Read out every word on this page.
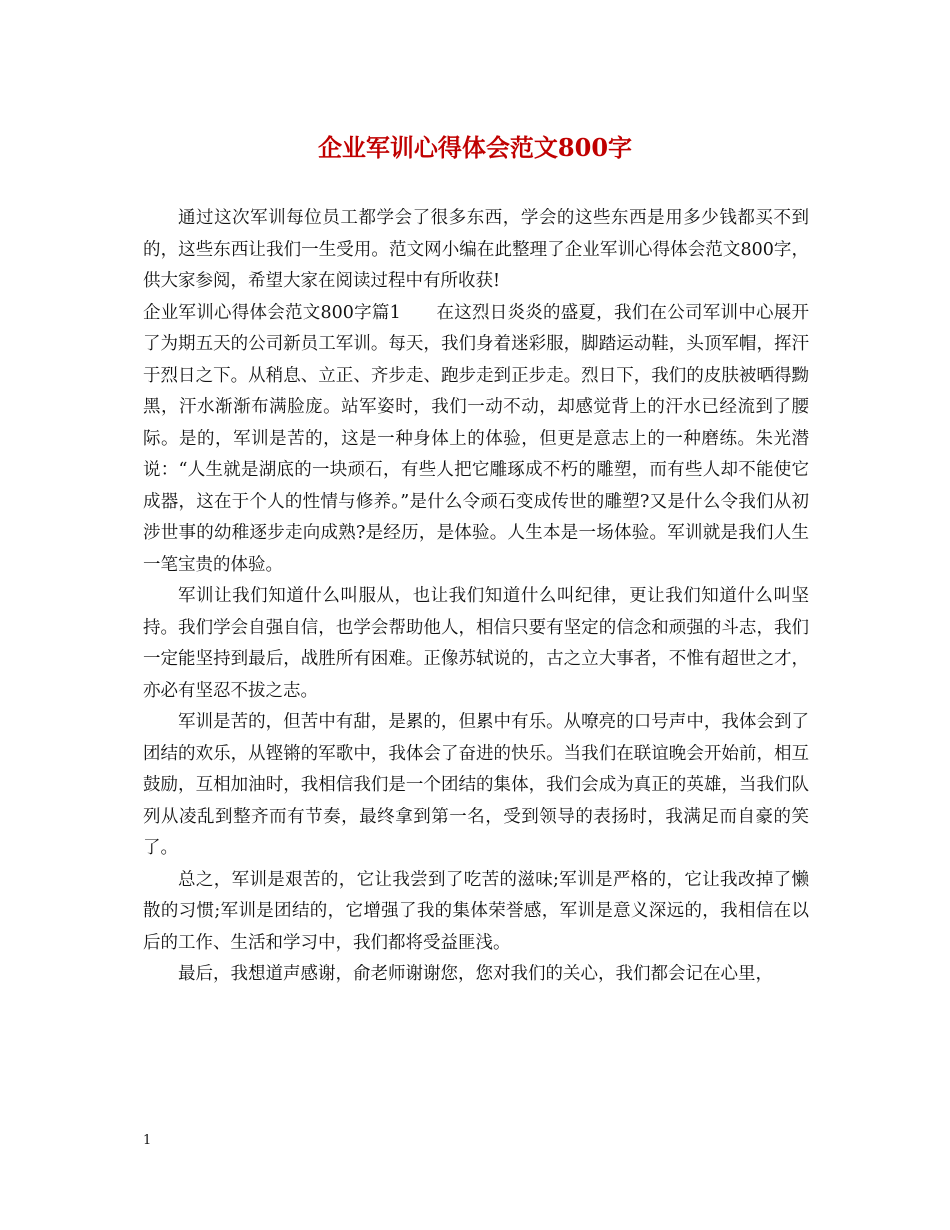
企业军训心得体会范文800字

通过这次军训每位员工都学会了很多东西，学会的这些东西是用多少钱都买不到的，这些东西让我们一生受用。范文网小编在此整理了企业军训心得体会范文800字，供大家参阅，希望大家在阅读过程中有所收获!

企业军训心得体会范文800字篇1　　在这烈日炎炎的盛夏，我们在公司军训中心展开了为期五天的公司新员工军训。每天，我们身着迷彩服，脚踏运动鞋，头顶军帽，挥汗于烈日之下。从稍息、立正、齐步走、跑步走到正步走。烈日下，我们的皮肤被晒得黝黑，汗水渐渐布满脸庞。站军姿时，我们一动不动，却感觉背上的汗水已经流到了腰际。是的，军训是苦的，这是一种身体上的体验，但更是意志上的一种磨练。朱光潜说：“人生就是湖底的一块顽石，有些人把它雕琢成不朽的雕塑，而有些人却不能使它成器，这在于个人的性情与修养。”是什么令顽石变成传世的雕塑?又是什么令我们从初涉世事的幼稚逐步走向成熟?是经历，是体验。人生本是一场体验。军训就是我们人生一笔宝贵的体验。

军训让我们知道什么叫服从，也让我们知道什么叫纪律，更让我们知道什么叫坚持。我们学会自强自信，也学会帮助他人，相信只要有坚定的信念和顽强的斗志，我们一定能坚持到最后，战胜所有困难。正像苏轼说的，古之立大事者，不惟有超世之才，亦必有坚忍不拔之志。

军训是苦的，但苦中有甜，是累的，但累中有乐。从嘹亮的口号声中，我体会到了团结的欢乐，从铿锵的军歌中，我体会了奋进的快乐。当我们在联谊晚会开始前，相互鼓励，互相加油时，我相信我们是一个团结的集体，我们会成为真正的英雄，当我们队列从凌乱到整齐而有节奏，最终拿到第一名，受到领导的表扬时，我满足而自豪的笑了。

总之，军训是艰苦的，它让我尝到了吃苦的滋味;军训是严格的，它让我改掉了懒散的习惯;军训是团结的，它增强了我的集体荣誉感，军训是意义深远的，我相信在以后的工作、生活和学习中，我们都将受益匪浅。

最后，我想道声感谢，俞老师谢谢您，您对我们的关心，我们都会记在心里，

1
